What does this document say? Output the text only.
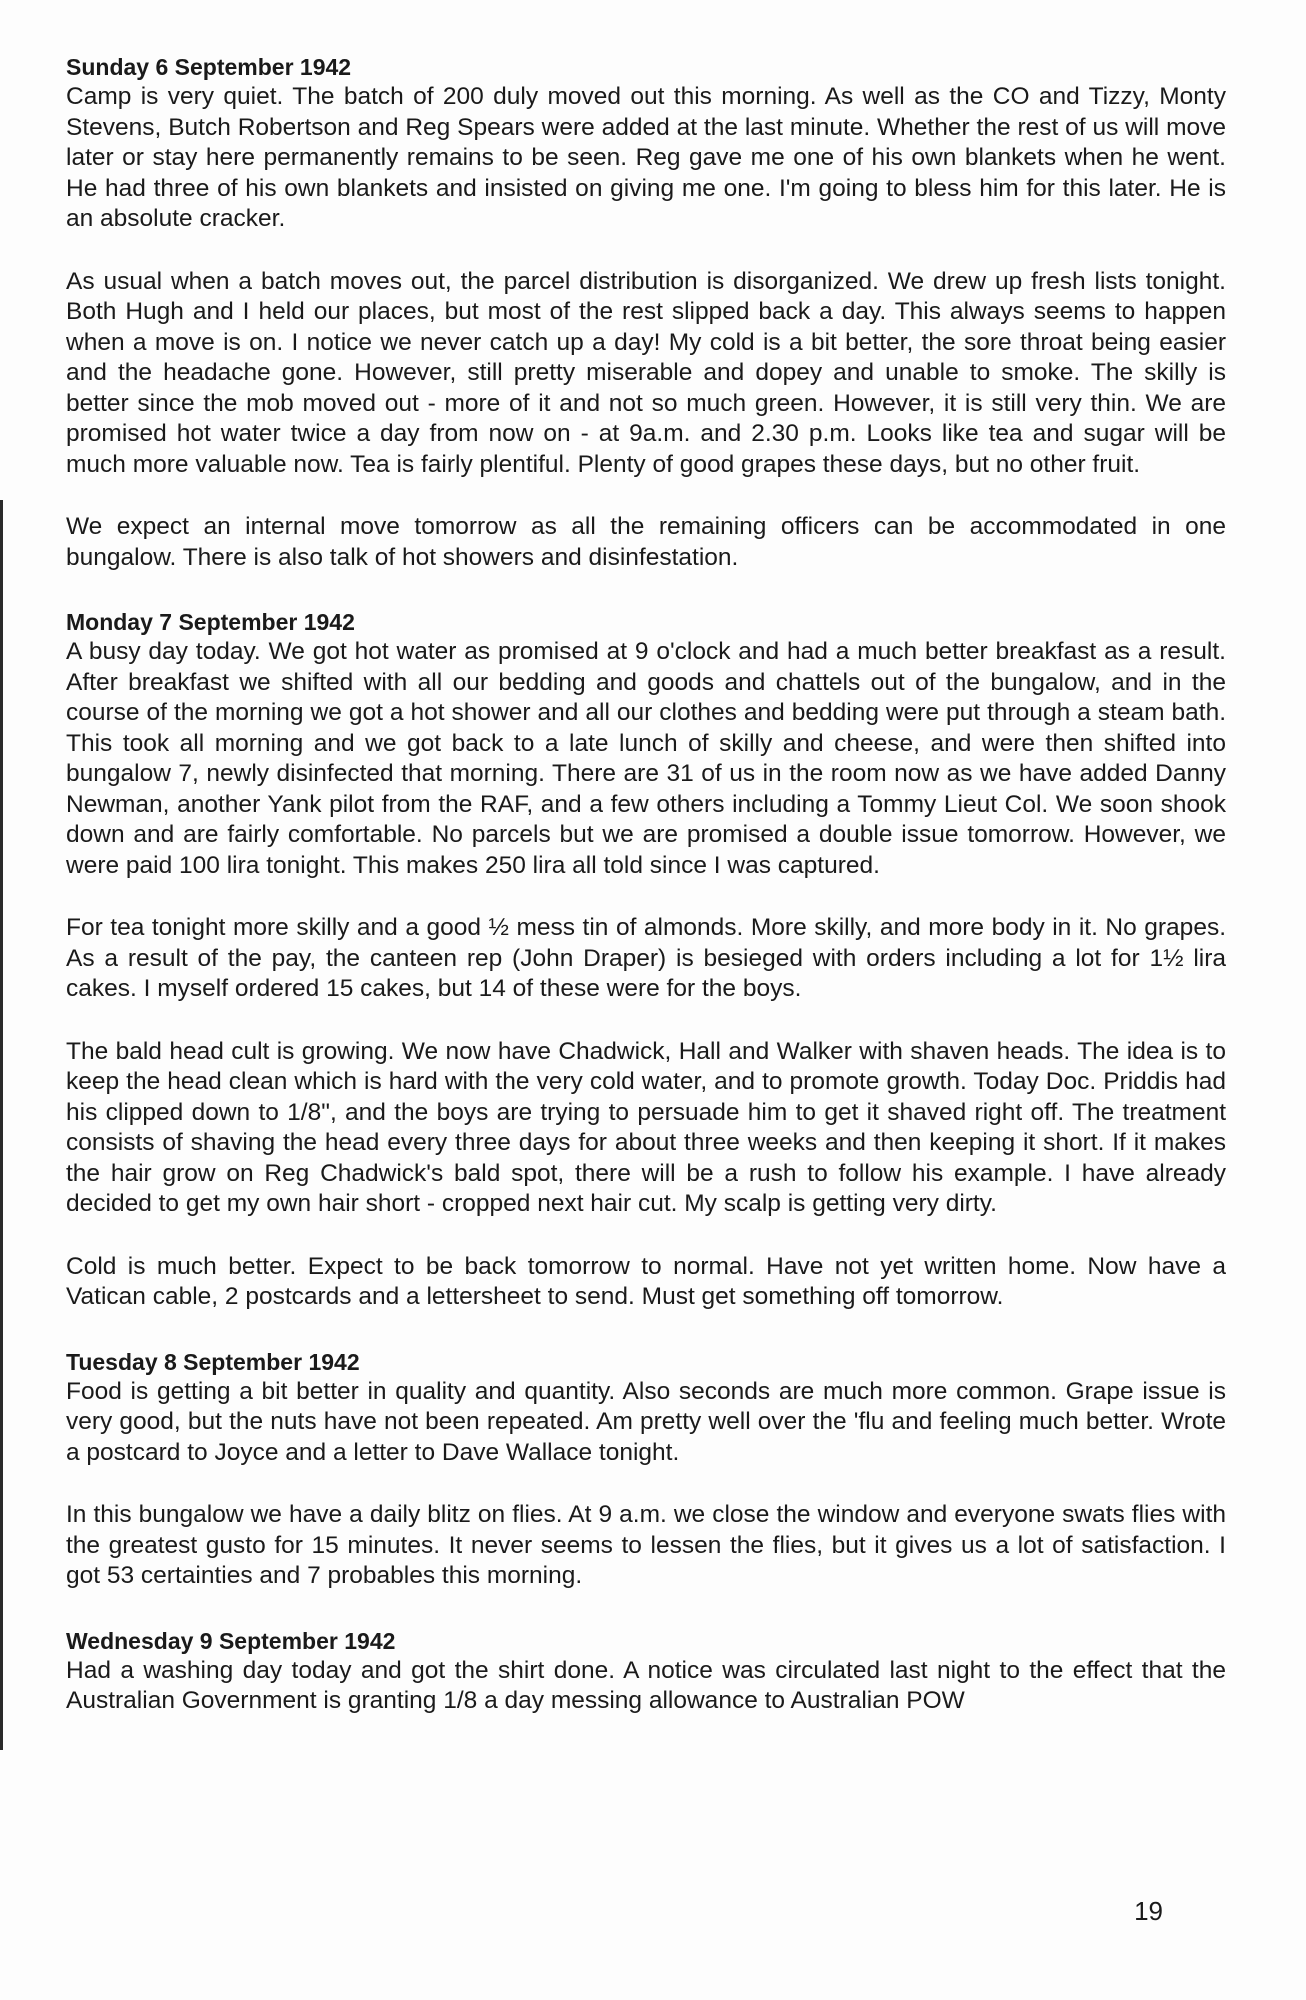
Sunday 6 September 1942

Camp is very quiet. The batch of 200 duly moved out this morning. As well as the CO and Tizzy, Monty Stevens, Butch Robertson and Reg Spears were added at the last minute. Whether the rest of us will move later or stay here permanently remains to be seen. Reg gave me one of his own blankets when he went. He had three of his own blankets and insisted on giving me one. I'm going to bless him for this later. He is an absolute cracker.

As usual when a batch moves out, the parcel distribution is disorganized. We drew up fresh lists tonight. Both Hugh and I held our places, but most of the rest slipped back a day. This always seems to happen when a move is on. I notice we never catch up a day! My cold is a bit better, the sore throat being easier and the headache gone. However, still pretty miserable and dopey and unable to smoke. The skilly is better since the mob moved out - more of it and not so much green. However, it is still very thin. We are promised hot water twice a day from now on - at 9a.m. and 2.30 p.m. Looks like tea and sugar will be much more valuable now. Tea is fairly plentiful. Plenty of good grapes these days, but no other fruit.

We expect an internal move tomorrow as all the remaining officers can be accommodated in one bungalow. There is also talk of hot showers and disinfestation.

Monday 7 September 1942

A busy day today. We got hot water as promised at 9 o'clock and had a much better breakfast as a result. After breakfast we shifted with all our bedding and goods and chattels out of the bungalow, and in the course of the morning we got a hot shower and all our clothes and bedding were put through a steam bath. This took all morning and we got back to a late lunch of skilly and cheese, and were then shifted into bungalow 7, newly disinfected that morning. There are 31 of us in the room now as we have added Danny Newman, another Yank pilot from the RAF, and a few others including a Tommy Lieut Col. We soon shook down and are fairly comfortable. No parcels but we are promised a double issue tomorrow. However, we were paid 100 lira tonight. This makes 250 lira all told since I was captured.

For tea tonight more skilly and a good ½ mess tin of almonds. More skilly, and more body in it. No grapes. As a result of the pay, the canteen rep (John Draper) is besieged with orders including a lot for 1½ lira cakes. I myself ordered 15 cakes, but 14 of these were for the boys.

The bald head cult is growing. We now have Chadwick, Hall and Walker with shaven heads. The idea is to keep the head clean which is hard with the very cold water, and to promote growth. Today Doc. Priddis had his clipped down to 1/8", and the boys are trying to persuade him to get it shaved right off. The treatment consists of shaving the head every three days for about three weeks and then keeping it short. If it makes the hair grow on Reg Chadwick's bald spot, there will be a rush to follow his example. I have already decided to get my own hair short - cropped next hair cut. My scalp is getting very dirty.

Cold is much better. Expect to be back tomorrow to normal. Have not yet written home. Now have a Vatican cable, 2 postcards and a lettersheet to send. Must get something off tomorrow.

Tuesday 8 September 1942

Food is getting a bit better in quality and quantity. Also seconds are much more common. Grape issue is very good, but the nuts have not been repeated. Am pretty well over the 'flu and feeling much better. Wrote a postcard to Joyce and a letter to Dave Wallace tonight.

In this bungalow we have a daily blitz on flies. At 9 a.m. we close the window and everyone swats flies with the greatest gusto for 15 minutes. It never seems to lessen the flies, but it gives us a lot of satisfaction. I got 53 certainties and 7 probables this morning.

Wednesday 9 September 1942

Had a washing day today and got the shirt done. A notice was circulated last night to the effect that the Australian Government is granting 1/8 a day messing allowance to Australian POW

19
